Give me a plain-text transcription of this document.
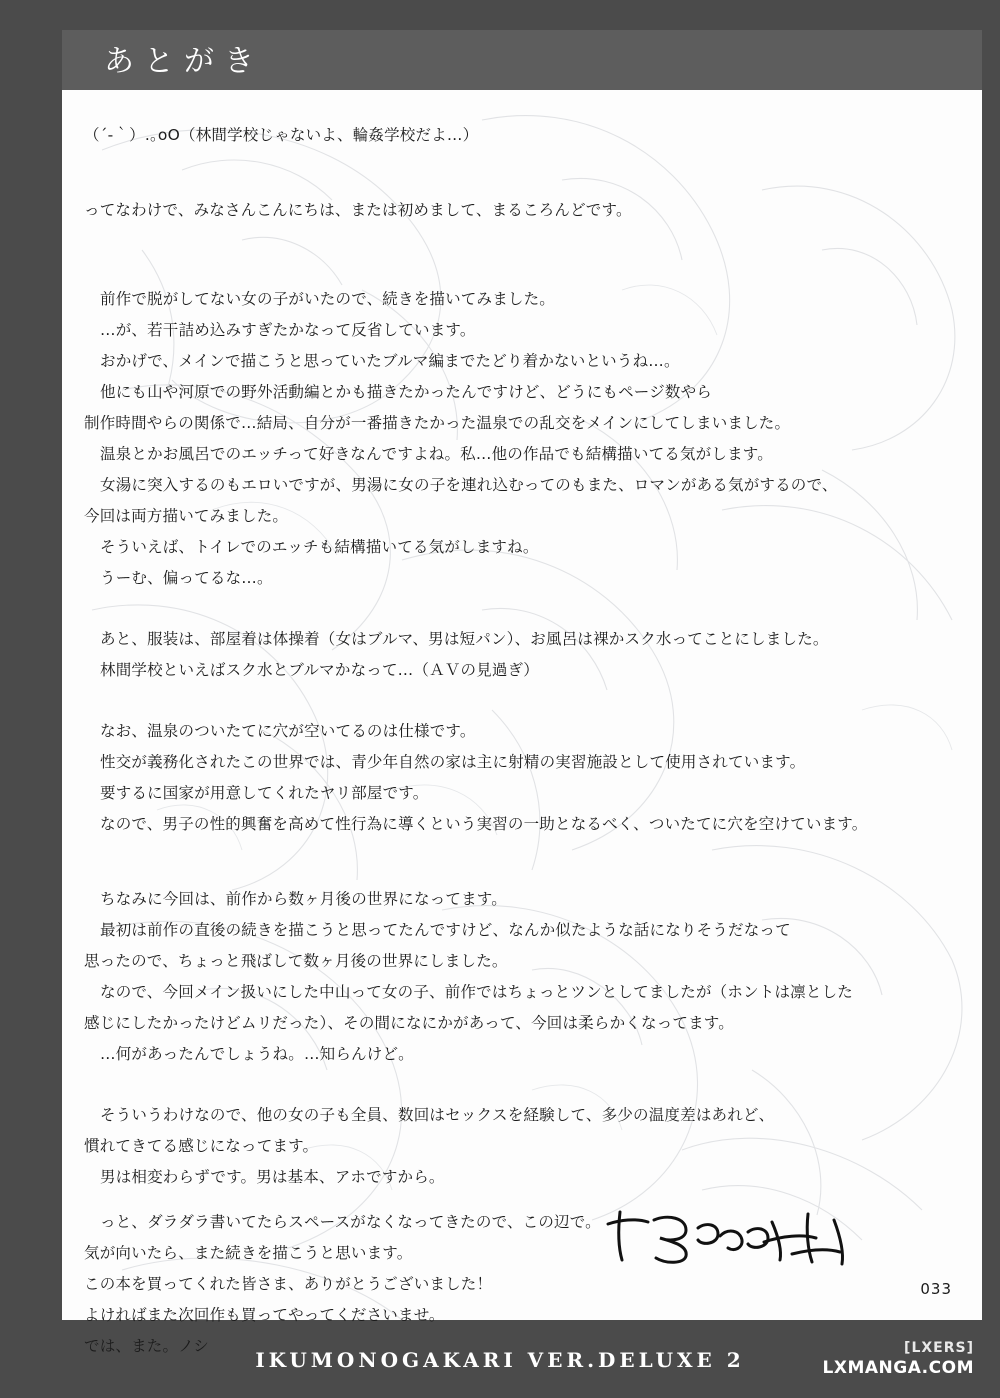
あとがき
（´-｀）.｡oO（林間学校じゃないよ、輪姦学校だよ…）
ってなわけで、みなさんこんにちは、または初めまして、まるころんどです。
前作で脱がしてない女の子がいたので、続きを描いてみました。
…が、若干詰め込みすぎたかなって反省しています。
おかげで、メインで描こうと思っていたブルマ編までたどり着かないというね…。
他にも山や河原での野外活動編とかも描きたかったんですけど、どうにもページ数やら
制作時間やらの関係で…結局、自分が一番描きたかった温泉での乱交をメインにしてしまいました。
温泉とかお風呂でのエッチって好きなんですよね。私…他の作品でも結構描いてる気がします。
女湯に突入するのもエロいですが、男湯に女の子を連れ込むってのもまた、ロマンがある気がするので、
今回は両方描いてみました。
そういえば、トイレでのエッチも結構描いてる気がしますね。
うーむ、偏ってるな…。
あと、服装は、部屋着は体操着（女はブルマ、男は短パン）、お風呂は裸かスク水ってことにしました。
林間学校といえばスク水とブルマかなって…（ＡＶの見過ぎ）
なお、温泉のついたてに穴が空いてるのは仕様です。
性交が義務化されたこの世界では、青少年自然の家は主に射精の実習施設として使用されています。
要するに国家が用意してくれたヤリ部屋です。
なので、男子の性的興奮を高めて性行為に導くという実習の一助となるべく、ついたてに穴を空けています。
ちなみに今回は、前作から数ヶ月後の世界になってます。
最初は前作の直後の続きを描こうと思ってたんですけど、なんか似たような話になりそうだなって
思ったので、ちょっと飛ばして数ヶ月後の世界にしました。
なので、今回メイン扱いにした中山って女の子、前作ではちょっとツンとしてましたが（ホントは凛とした
感じにしたかったけどムリだった）、その間になにかがあって、今回は柔らかくなってます。
…何があったんでしょうね。…知らんけど。
そういうわけなので、他の女の子も全員、数回はセックスを経験して、多少の温度差はあれど、
慣れてきてる感じになってます。
男は相変わらずです。男は基本、アホですから。
っと、ダラダラ書いてたらスペースがなくなってきたので、この辺で。
気が向いたら、また続きを描こうと思います。
この本を買ってくれた皆さま、ありがとうございました！
よければまた次回作も買ってやってくださいませ。
では、また。ノシ
033
IKUMONOGAKARI VER.DELUXE 2	[LXERS]
LXMANGA.COM
